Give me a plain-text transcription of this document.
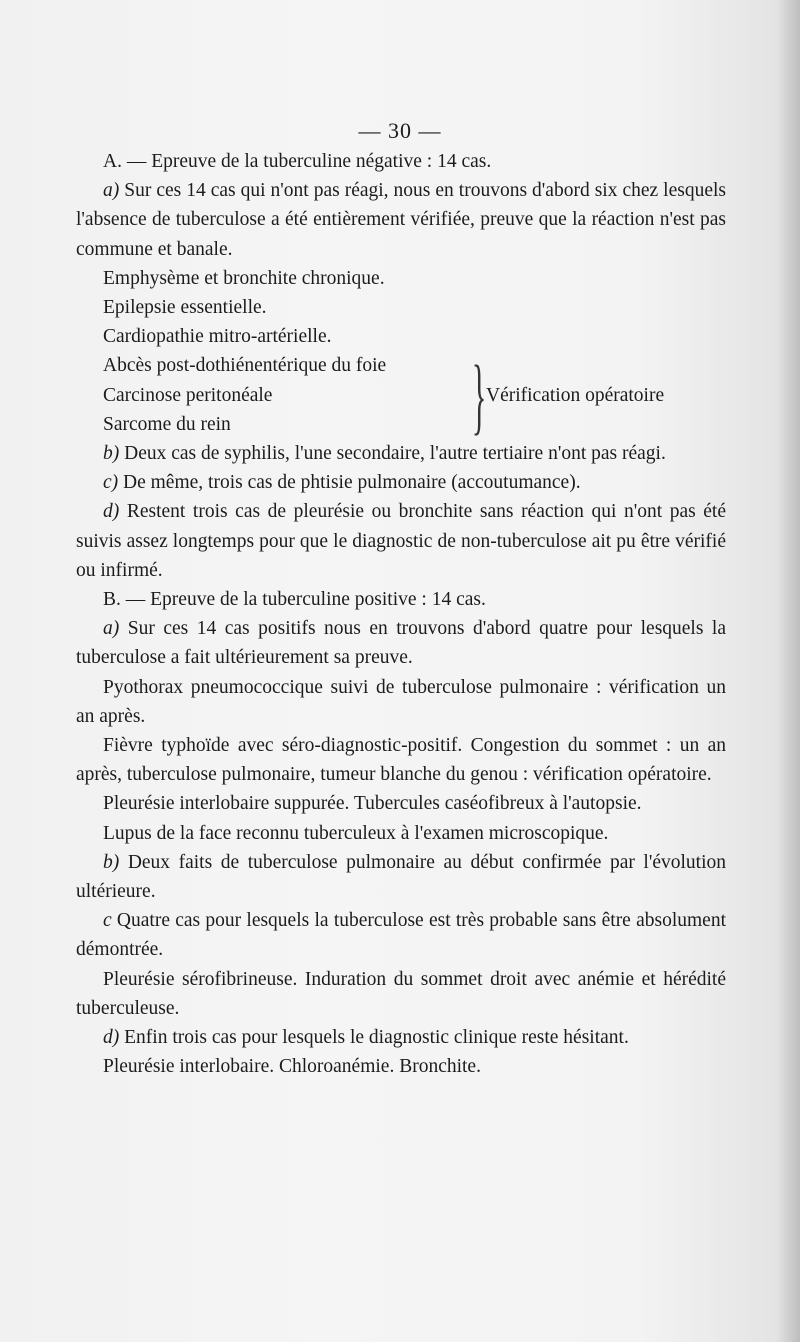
— 30 —

A. — Epreuve de la tuberculine négative : 14 cas.

a) Sur ces 14 cas qui n'ont pas réagi, nous en trouvons d'abord six chez lesquels l'absence de tuberculose a été entièrement vérifiée, preuve que la réaction n'est pas commune et banale.

Emphysème et bronchite chronique.

Epilepsie essentielle.

Cardiopathie mitro-artérielle.

Abcès post-dothiénentérique du foie
Carcinose peritonéale
Sarcome du rein	} Vérification opératoire

b) Deux cas de syphilis, l'une secondaire, l'autre tertiaire n'ont pas réagi.

c) De même, trois cas de phtisie pulmonaire (accoutumance).

d) Restent trois cas de pleurésie ou bronchite sans réaction qui n'ont pas été suivis assez longtemps pour que le diagnostic de non-tuberculose ait pu être vérifié ou infirmé.

B. — Epreuve de la tuberculine positive : 14 cas.

a) Sur ces 14 cas positifs nous en trouvons d'abord quatre pour lesquels la tuberculose a fait ultérieurement sa preuve.

Pyothorax pneumococcique suivi de tuberculose pulmonaire : vérification un an après.

Fièvre typhoïde avec séro-diagnostic-positif. Congestion du sommet : un an après, tuberculose pulmonaire, tumeur blanche du genou : vérification opératoire.

Pleurésie interlobaire suppurée. Tubercules caséofibreux à l'autopsie.

Lupus de la face reconnu tuberculeux à l'examen microscopique.

b) Deux faits de tuberculose pulmonaire au début confirmée par l'évolution ultérieure.

c Quatre cas pour lesquels la tuberculose est très probable sans être absolument démontrée.

Pleurésie sérofibrineuse. Induration du sommet droit avec anémie et hérédité tuberculeuse.

d) Enfin trois cas pour lesquels le diagnostic clinique reste hésitant.

Pleurésie interlobaire. Chloroanémie. Bronchite.
